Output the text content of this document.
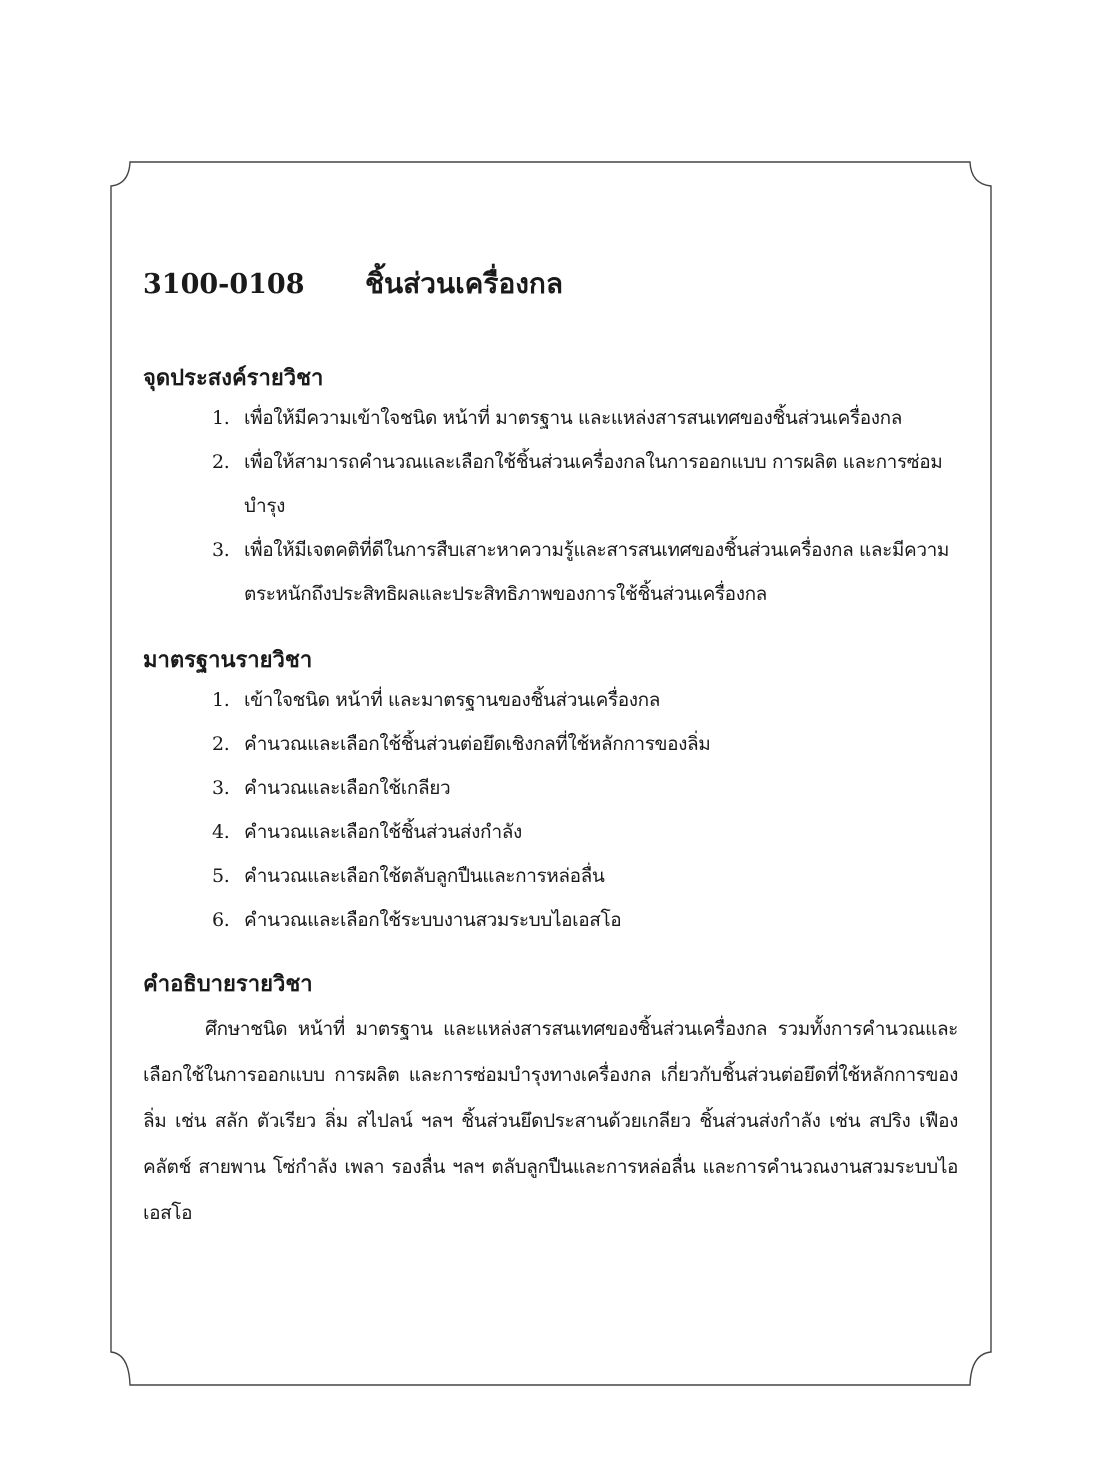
3100-0108	ชิ้นส่วนเครื่องกล
จุดประสงค์รายวิชา
1. เพื่อให้มีความเข้าใจชนิด หน้าที่ มาตรฐาน และแหล่งสารสนเทศของชิ้นส่วนเครื่องกล
2. เพื่อให้สามารถคำนวณและเลือกใช้ชิ้นส่วนเครื่องกลในการออกแบบ การผลิต และการซ่อมบำรุง
3. เพื่อให้มีเจตคติที่ดีในการสืบเสาะหาความรู้และสารสนเทศของชิ้นส่วนเครื่องกล และมีความตระหนักถึงประสิทธิผลและประสิทธิภาพของการใช้ชิ้นส่วนเครื่องกล
มาตรฐานรายวิชา
1. เข้าใจชนิด หน้าที่ และมาตรฐานของชิ้นส่วนเครื่องกล
2. คำนวณและเลือกใช้ชิ้นส่วนต่อยึดเชิงกลที่ใช้หลักการของลิ่ม
3. คำนวณและเลือกใช้เกลียว
4. คำนวณและเลือกใช้ชิ้นส่วนส่งกำลัง
5. คำนวณและเลือกใช้ตลับลูกปืนและการหล่อลื่น
6. คำนวณและเลือกใช้ระบบงานสวมระบบไอเอสโอ
คำอธิบายรายวิชา

ศึกษาชนิด หน้าที่ มาตรฐาน และแหล่งสารสนเทศของชิ้นส่วนเครื่องกล รวมทั้งการคำนวณและเลือกใช้ในการออกแบบ การผลิต และการซ่อมบำรุงทางเครื่องกล เกี่ยวกับชิ้นส่วนต่อยึดที่ใช้หลักการของลิ่ม เช่น สลัก ตัวเรียว ลิ่ม สไปลน์ ฯลฯ ชิ้นส่วนยึดประสานด้วยเกลียว ชิ้นส่วนส่งกำลัง เช่น สปริง เฟือง คลัตช์ สายพาน โซ่กำลัง เพลา รองลื่น ฯลฯ ตลับลูกปืนและการหล่อลื่น และการคำนวณงานสวมระบบไอเอสโอ
